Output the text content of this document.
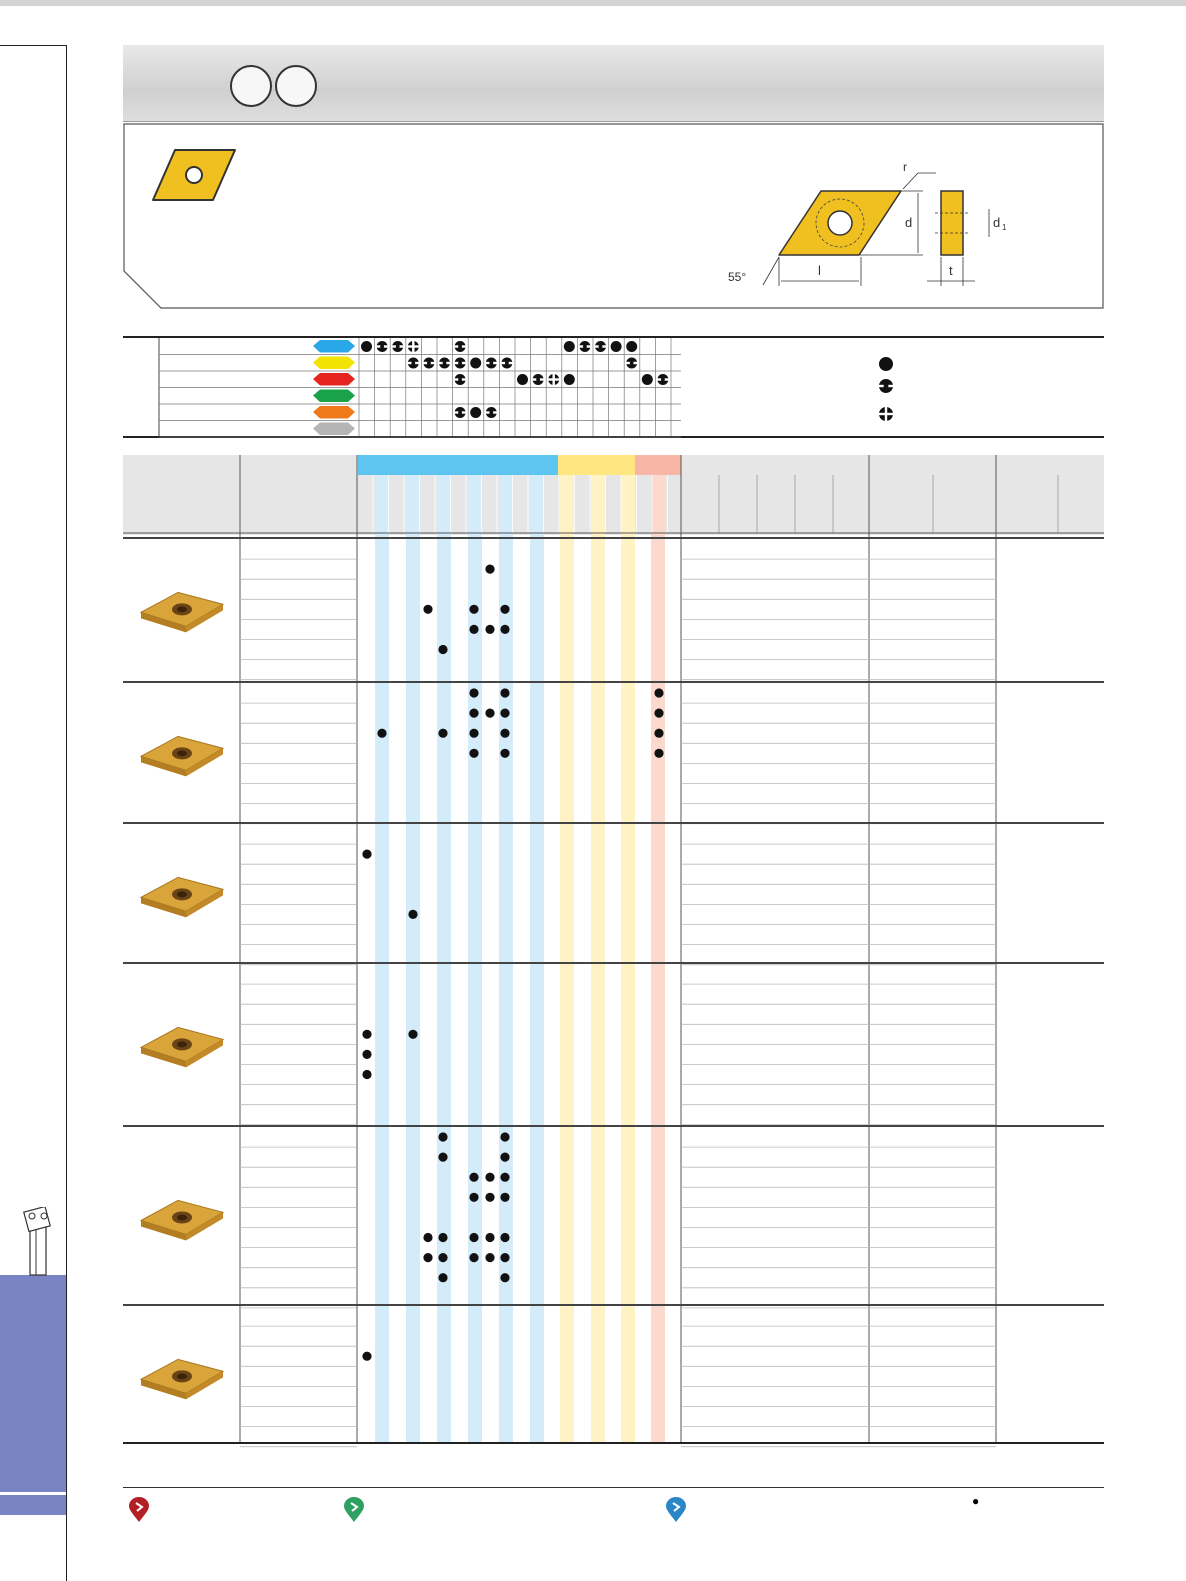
r
d
l	t
d 1
55°
●
